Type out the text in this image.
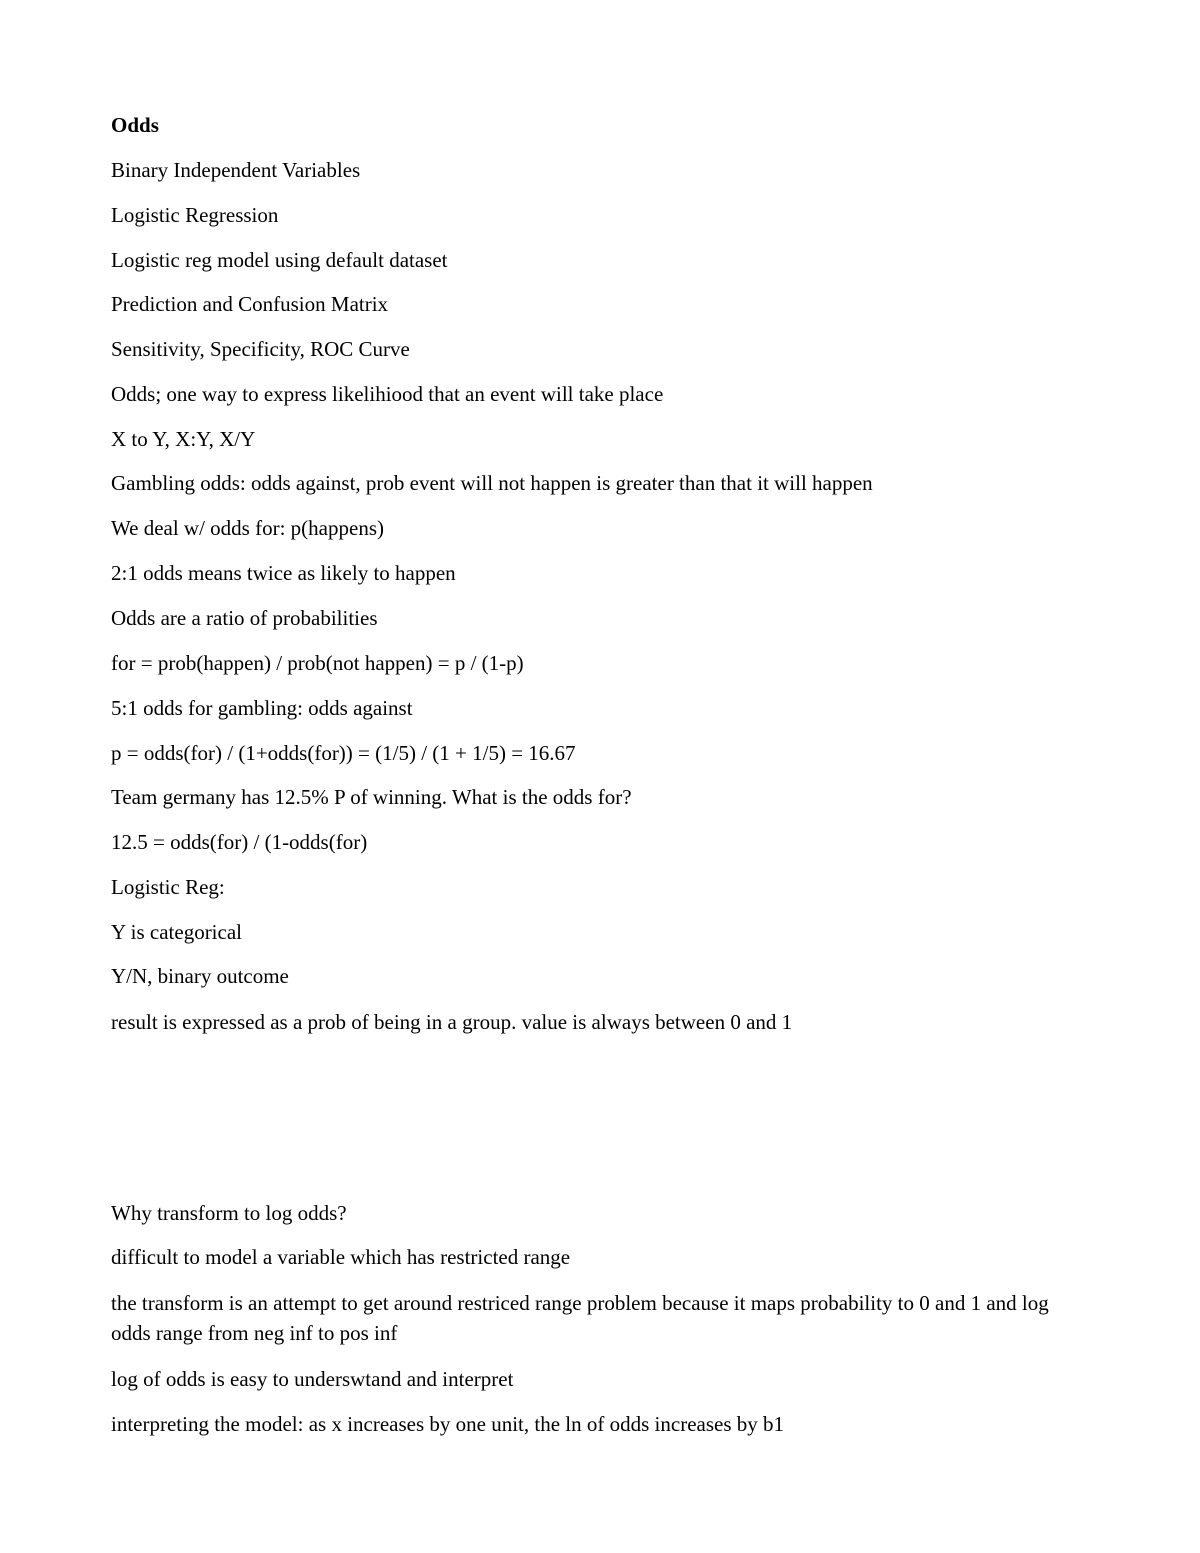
Odds
Binary Independent Variables
Logistic Regression
Logistic reg model using default dataset
Prediction and Confusion Matrix
Sensitivity, Specificity, ROC Curve
Odds; one way to express likelihiood that an event will take place
X to Y, X:Y, X/Y
Gambling odds: odds against, prob event will not happen is greater than that it will happen
We deal w/ odds for: p(happens)
2:1 odds means twice as likely to happen
Odds are a ratio of probabilities
for = prob(happen) / prob(not happen) = p / (1-p)
5:1 odds for gambling: odds against
p = odds(for) / (1+odds(for)) = (1/5) / (1 + 1/5) = 16.67
Team germany has 12.5% P of winning. What is the odds for?
12.5 = odds(for) / (1-odds(for)
Logistic Reg:
Y is categorical
Y/N, binary outcome
result is expressed as a prob of being in a group. value is always between 0 and 1
Why transform to log odds?
difficult to model a variable which has restricted range
the transform is an attempt to get around restriced range problem because it maps probability to 0 and 1 and log odds range from neg inf to pos inf
log of odds is easy to underswtand and interpret
interpreting the model: as x increases by one unit, the ln of odds increases by b1
